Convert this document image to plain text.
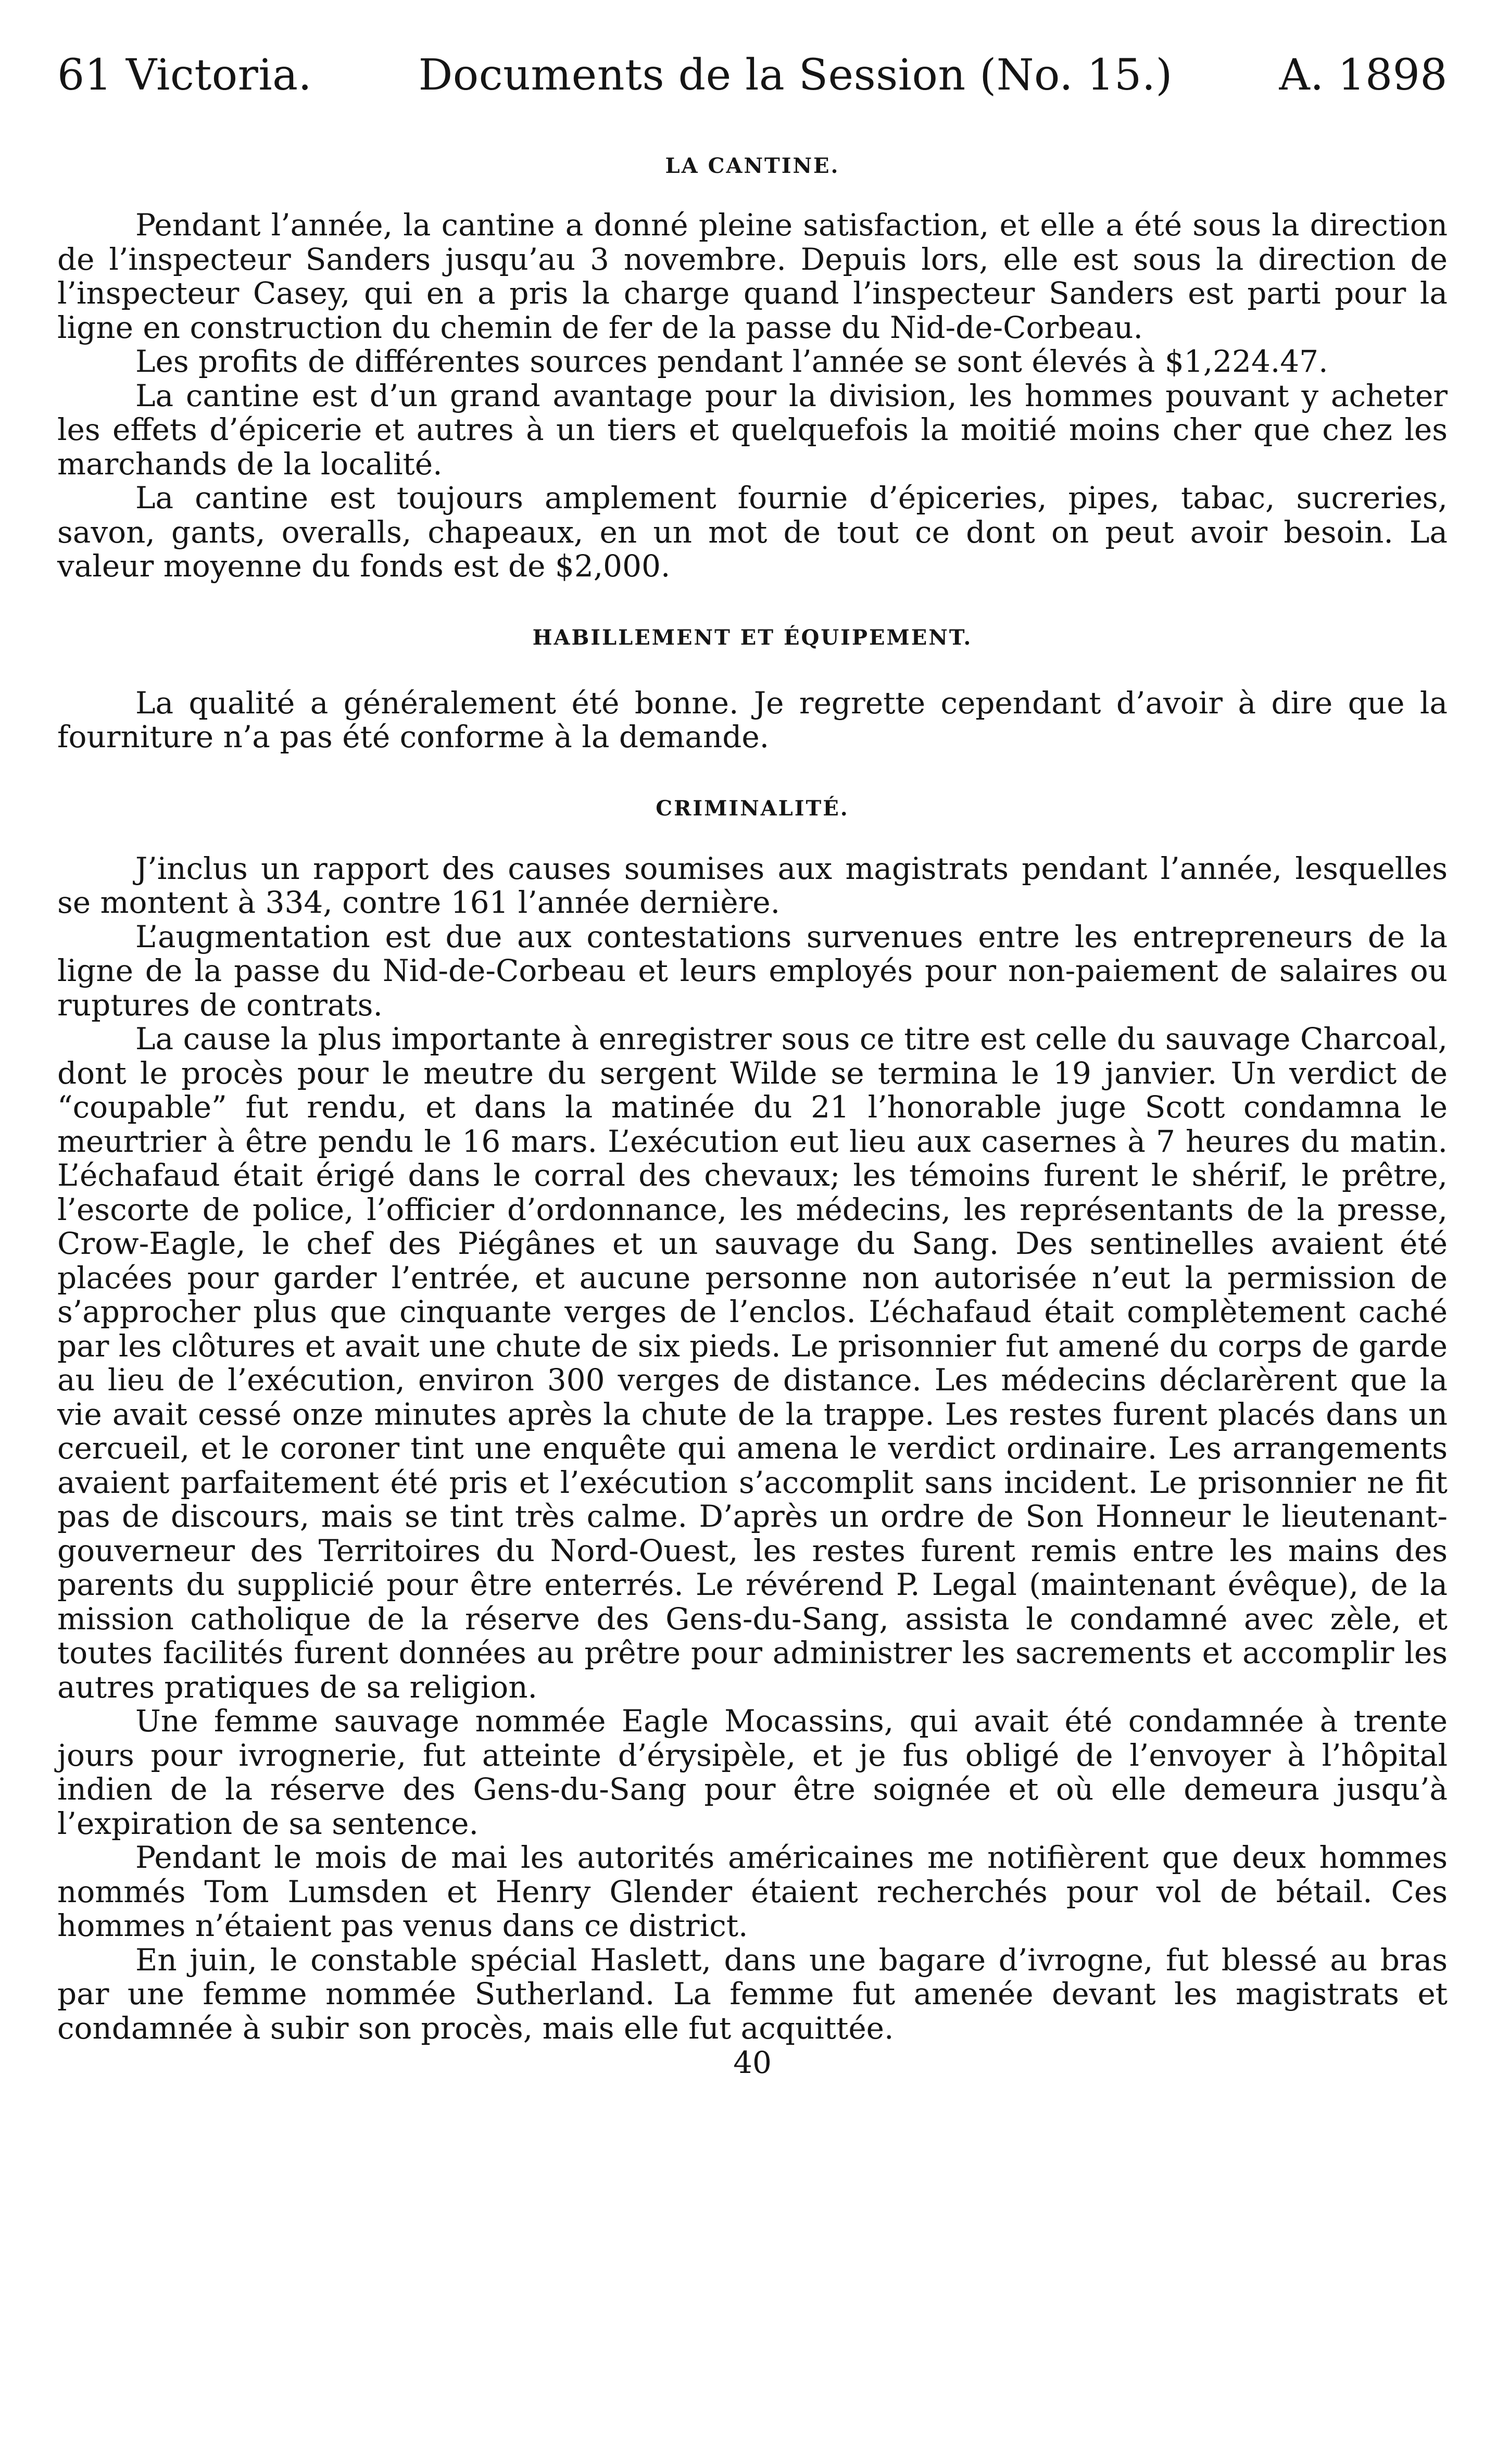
61 Victoria. Documents de la Session (No. 15.) A. 1898
LA CANTINE.

Pendant l’année, la cantine a donné pleine satisfaction, et elle a été sous la direction de l’inspecteur Sanders jusqu’au 3 novembre. Depuis lors, elle est sous la direction de l’inspecteur Casey, qui en a pris la charge quand l’inspecteur Sanders est parti pour la ligne en construction du chemin de fer de la passe du Nid-de-Corbeau.

Les profits de différentes sources pendant l’année se sont élevés à $1,224.47.

La cantine est d’un grand avantage pour la division, les hommes pouvant y acheter les effets d’épicerie et autres à un tiers et quelquefois la moitié moins cher que chez les marchands de la localité.

La cantine est toujours amplement fournie d’épiceries, pipes, tabac, sucreries, savon, gants, overalls, chapeaux, en un mot de tout ce dont on peut avoir besoin. La valeur moyenne du fonds est de $2,000.

HABILLEMENT ET ÉQUIPEMENT.

La qualité a généralement été bonne. Je regrette cependant d’avoir à dire que la fourniture n’a pas été conforme à la demande.

CRIMINALITÉ.

J’inclus un rapport des causes soumises aux magistrats pendant l’année, lesquelles se montent à 334, contre 161 l’année dernière.

L’augmentation est due aux contestations survenues entre les entrepreneurs de la ligne de la passe du Nid-de-Corbeau et leurs employés pour non-paiement de salaires ou ruptures de contrats.

La cause la plus importante à enregistrer sous ce titre est celle du sauvage Charcoal, dont le procès pour le meutre du sergent Wilde se termina le 19 janvier. Un verdict de “coupable” fut rendu, et dans la matinée du 21 l’honorable juge Scott condamna le meurtrier à être pendu le 16 mars. L’exécution eut lieu aux casernes à 7 heures du matin. L’échafaud était érigé dans le corral des chevaux; les témoins furent le shérif, le prêtre, l’escorte de police, l’officier d’ordonnance, les médecins, les représentants de la presse, Crow-Eagle, le chef des Piégânes et un sauvage du Sang. Des sentinelles avaient été placées pour garder l’entrée, et aucune personne non autorisée n’eut la permission de s’approcher plus que cinquante verges de l’enclos. L’échafaud était complètement caché par les clôtures et avait une chute de six pieds. Le prisonnier fut amené du corps de garde au lieu de l’exécution, environ 300 verges de distance. Les médecins déclarèrent que la vie avait cessé onze minutes après la chute de la trappe. Les restes furent placés dans un cercueil, et le coroner tint une enquête qui amena le verdict ordinaire. Les arrangements avaient parfaitement été pris et l’exécution s’accomplit sans incident. Le prisonnier ne fit pas de discours, mais se tint très calme. D’après un ordre de Son Honneur le lieutenant-gouverneur des Territoires du Nord-Ouest, les restes furent remis entre les mains des parents du supplicié pour être enterrés. Le révérend P. Legal (maintenant évêque), de la mission catholique de la réserve des Gens-du-Sang, assista le condamné avec zèle, et toutes facilités furent données au prêtre pour administrer les sacrements et accomplir les autres pratiques de sa religion.

Une femme sauvage nommée Eagle Mocassins, qui avait été condamnée à trente jours pour ivrognerie, fut atteinte d’érysipèle, et je fus obligé de l’envoyer à l’hôpital indien de la réserve des Gens-du-Sang pour être soignée et où elle demeura jusqu’à l’expiration de sa sentence.

Pendant le mois de mai les autorités américaines me notifièrent que deux hommes nommés Tom Lumsden et Henry Glender étaient recherchés pour vol de bétail. Ces hommes n’étaient pas venus dans ce district.

En juin, le constable spécial Haslett, dans une bagare d’ivrogne, fut blessé au bras par une femme nommée Sutherland. La femme fut amenée devant les magistrats et condamnée à subir son procès, mais elle fut acquittée.

40
